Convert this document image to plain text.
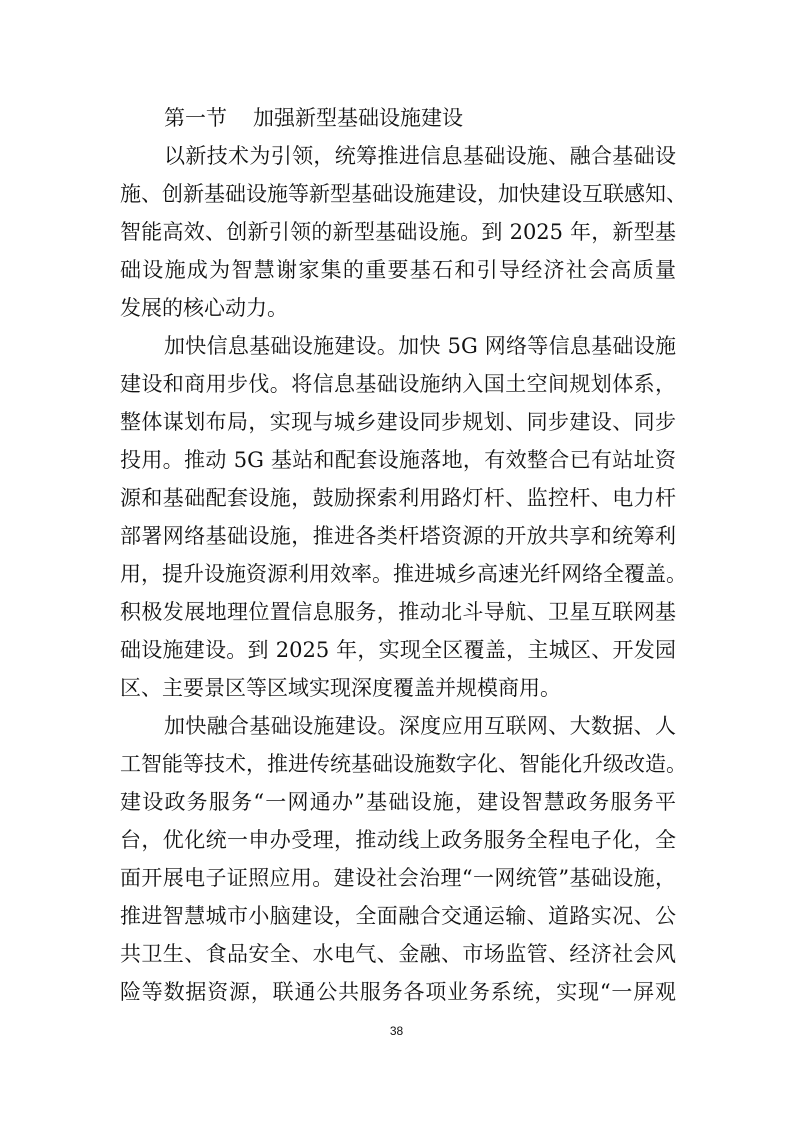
第一节 加强新型基础设施建设
以新技术为引领，统筹推进信息基础设施、融合基础设
施、创新基础设施等新型基础设施建设，加快建设互联感知、
智能高效、创新引领的新型基础设施。到 2025 年，新型基
础设施成为智慧谢家集的重要基石和引导经济社会高质量
发展的核心动力。
加快信息基础设施建设。加快 5G 网络等信息基础设施
建设和商用步伐。将信息基础设施纳入国土空间规划体系，
整体谋划布局，实现与城乡建设同步规划、同步建设、同步
投用。推动 5G 基站和配套设施落地，有效整合已有站址资
源和基础配套设施，鼓励探索利用路灯杆、监控杆、电力杆
部署网络基础设施，推进各类杆塔资源的开放共享和统筹利
用，提升设施资源利用效率。推进城乡高速光纤网络全覆盖。
积极发展地理位置信息服务，推动北斗导航、卫星互联网基
础设施建设。到 2025 年，实现全区覆盖，主城区、开发园
区、主要景区等区域实现深度覆盖并规模商用。
加快融合基础设施建设。深度应用互联网、大数据、人
工智能等技术，推进传统基础设施数字化、智能化升级改造。
建设政务服务“一网通办”基础设施，建设智慧政务服务平
台，优化统一申办受理，推动线上政务服务全程电子化，全
面开展电子证照应用。建设社会治理“一网统管”基础设施，
推进智慧城市小脑建设，全面融合交通运输、道路实况、公
共卫生、食品安全、水电气、金融、市场监管、经济社会风
险等数据资源，联通公共服务各项业务系统，实现“一屏观
38
